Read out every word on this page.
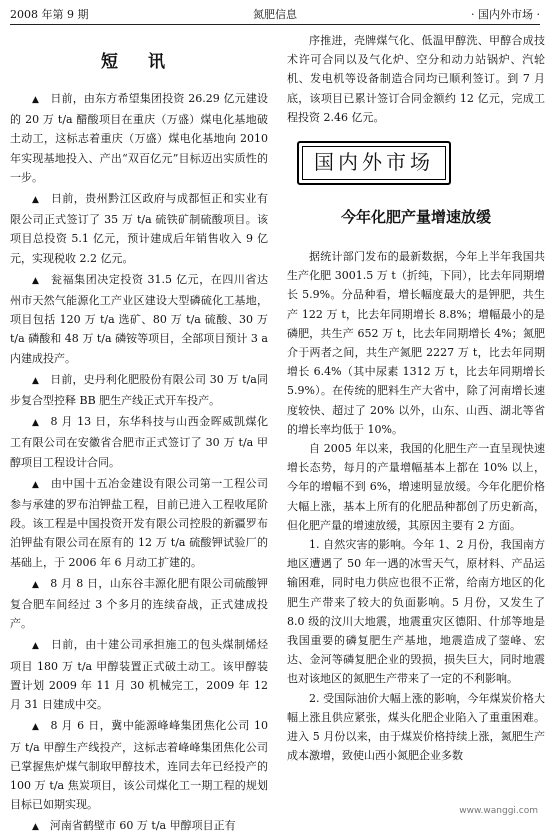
2008 年第 9 期	氮肥信息	· 国内外市场 ·
短 讯

▲  日前，由东方希望集团投资 26.29 亿元建设的 20 万 t/a 醋酸项目在重庆（万盛）煤电化基地破土动工，这标志着重庆（万盛）煤电化基地向 2010 年实现基地投入、产出“双百亿元”目标迈出实质性的一步。

▲  日前，贵州黔江区政府与成都恒正和实业有限公司正式签订了 35 万 t/a 硫铁矿制硫酸项目。该项目总投资 5.1 亿元，预计建成后年销售收入 9 亿元，实现税收 2.2 亿元。

▲  瓮福集团决定投资 31.5 亿元，在四川省达州市天然气能源化工产业区建设大型磷硫化工基地，项目包括 120 万 t/a 选矿、80 万 t/a 硫酸、30 万 t/a 磷酸和 48 万 t/a 磷铵等项目，全部项目预计 3 a 内建成投产。

▲  日前，史丹利化肥股份有限公司 30 万 t/a同步复合型控释 BB 肥生产线正式开车投产。

▲  8 月 13 日，东华科技与山西金晖威凯煤化工有限公司在安徽省合肥市正式签订了 30 万 t/a 甲醇项目工程设计合同。

▲  由中国十五冶金建设有限公司第一工程公司参与承建的罗布泊钾盐工程，目前已进入工程收尾阶段。该工程是中国投资开发有限公司控股的新疆罗布泊钾盐有限公司在原有的 12 万 t/a 硫酸钾试验厂的基础上，于 2006 年 6 月动工扩建的。

▲  8 月 8 日，山东谷丰源化肥有限公司硫酸钾复合肥车间经过 3 个多月的连续奋战，正式建成投产。

▲  日前，由十建公司承担施工的包头煤制烯烃项目 180 万 t/a 甲醇装置正式破土动工。该甲醇装置计划 2009 年 11 月 30 机械完工，2009 年 12 月 31 日建成中交。

▲  8 月 6 日，冀中能源峰峰集团焦化公司 10 万 t/a 甲醇生产线投产，这标志着峰峰集团焦化公司已掌握焦炉煤气制取甲醇技术，连同去年已经投产的 100 万 t/a 焦炭项目，该公司煤化工一期工程的规划目标已如期实现。

▲  河南省鹤壁市 60 万 t/a 甲醇项目正有

序推进，壳牌煤气化、低温甲醇洗、甲醇合成技术许可合同以及气化炉、空分和动力站锅炉、汽轮机、发电机等设备制造合同均已顺利签订。到 7 月底，该项目已累计签订合同金额约 12 亿元，完成工程投资 2.46 亿元。

国内外市场
今年化肥产量增速放缓

据统计部门发布的最新数据，今年上半年我国共生产化肥 3001.5 万 t（折纯，下同），比去年同期增长 5.9%。分品种看，增长幅度最大的是钾肥，共生产 122 万 t，比去年同期增长 8.8%；增幅最小的是磷肥，共生产 652 万 t，比去年同期增长 4%；氮肥介于两者之间，共生产氮肥 2227 万 t，比去年同期增长 6.4%（其中尿素 1312 万 t，比去年同期增长 5.9%）。在传统的肥料生产大省中，除了河南增长速度较快、超过了 20% 以外，山东、山西、湖北等省的增长率均低于 10%。

自 2005 年以来，我国的化肥生产一直呈现快速增长态势，每月的产量增幅基本上都在 10% 以上，今年的增幅不到 6%，增速明显放缓。今年化肥价格大幅上涨，基本上所有的化肥品种都创了历史新高，但化肥产量的增速放缓，其原因主要有 2 方面。

1. 自然灾害的影响。今年 1、2 月份，我国南方地区遭遇了 50 年一遇的冰雪天气，原材料、产品运输困难，同时电力供应也很不正常，给南方地区的化肥生产带来了较大的负面影响。5 月份，又发生了 8.0 级的汶川大地震，地震重灾区德阳、什邡等地是我国重要的磷复肥生产基地，地震造成了蓥峰、宏达、金河等磷复肥企业的毁损，损失巨大，同时地震也对该地区的氮肥生产带来了一定的不利影响。

2. 受国际油价大幅上涨的影响，今年煤炭价格大幅上涨且供应紧张，煤头化肥企业陷入了重重困难。进入 5 月份以来，由于煤炭价格持续上涨，氮肥生产成本激增，致使山西小氮肥企业多数

www.wanggi.com
